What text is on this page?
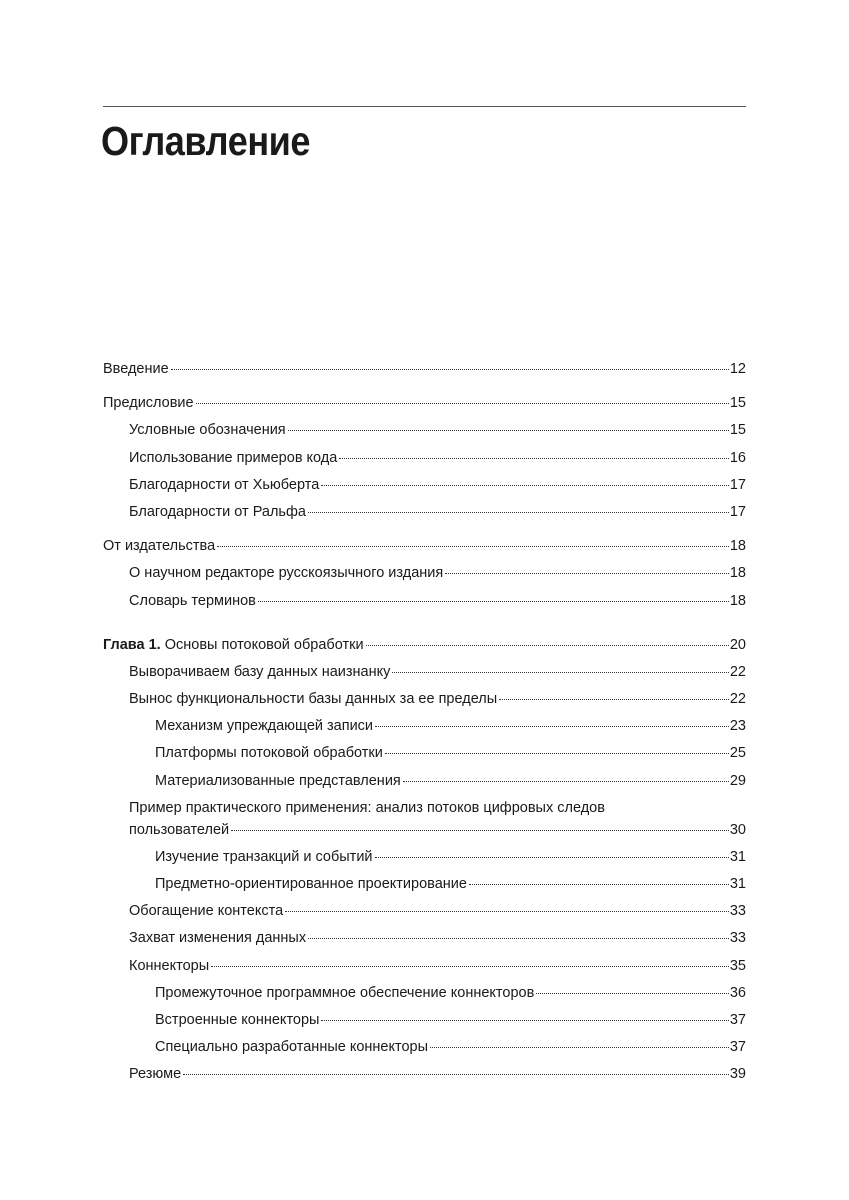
Оглавление
Введение	12
Предисловие	15
Условные обозначения	15
Использование примеров кода	16
Благодарности от Хьюберта	17
Благодарности от Ральфа	17
От издательства	18
О научном редакторе русскоязычного издания	18
Словарь терминов	18
Глава 1. Основы потоковой обработки	20
Выворачиваем базу данных наизнанку	22
Вынос функциональности базы данных за ее пределы	22
Механизм упреждающей записи	23
Платформы потоковой обработки	25
Материализованные представления	29
Пример практического применения: анализ потоков цифровых следов
пользователей	30
Изучение транзакций и событий	31
Предметно-ориентированное проектирование	31
Обогащение контекста	33
Захват изменения данных	33
Коннекторы	35
Промежуточное программное обеспечение коннекторов	36
Встроенные коннекторы	37
Специально разработанные коннекторы	37
Резюме	39
